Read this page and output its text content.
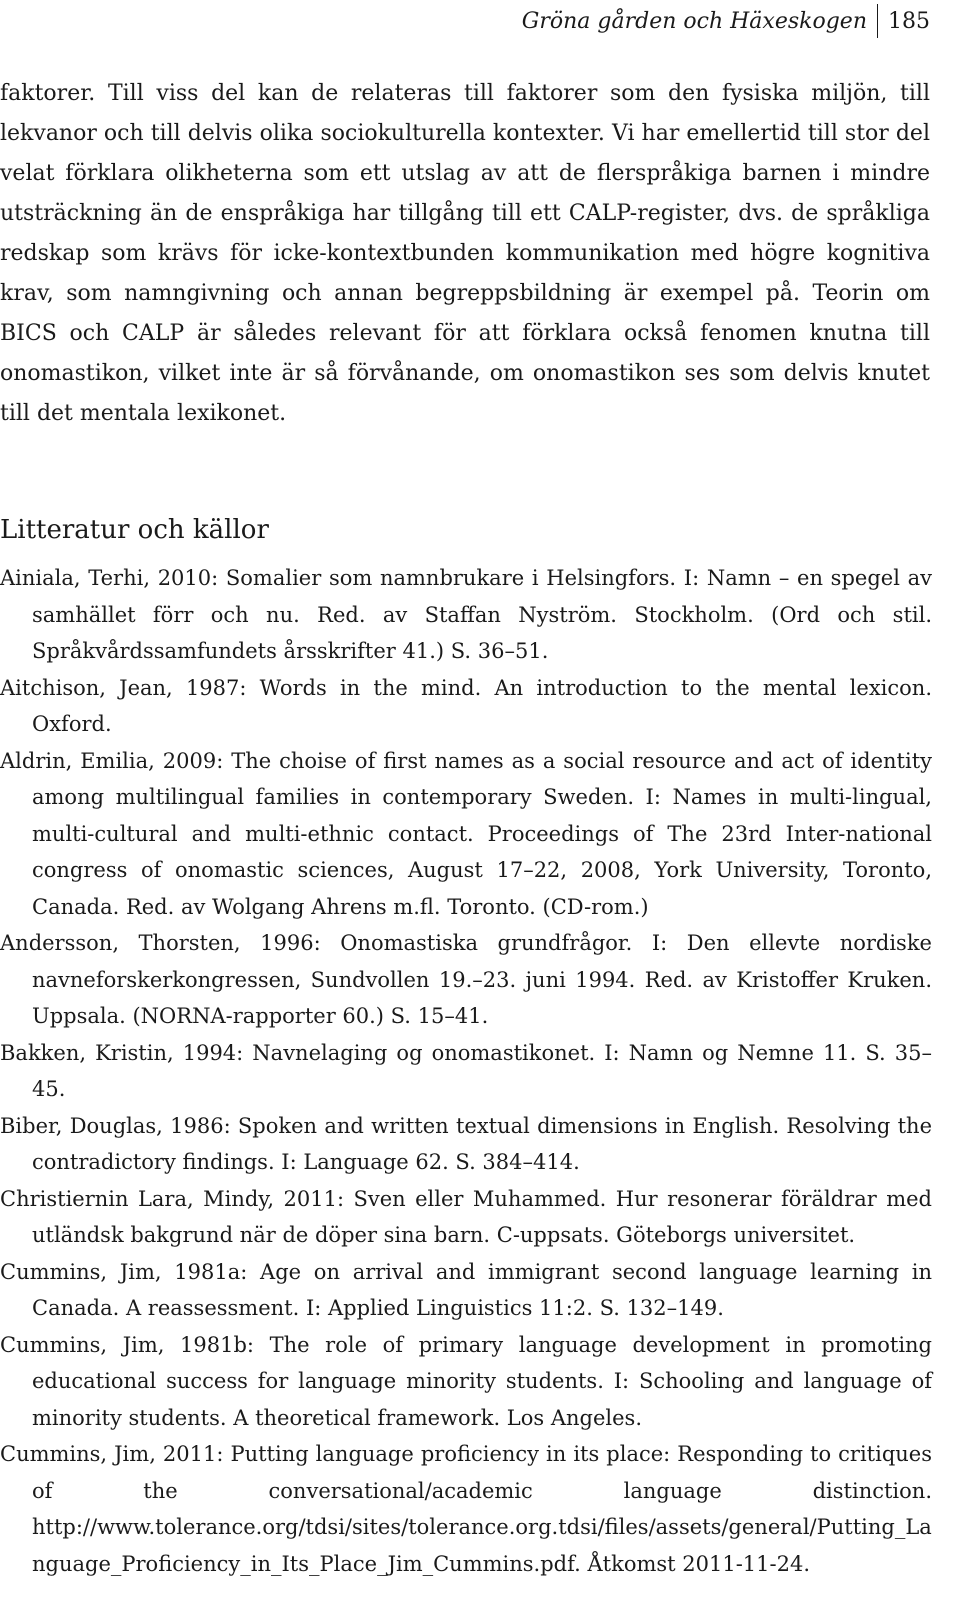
Gröna gården och Häxeskogen 185

faktorer. Till viss del kan de relateras till faktorer som den fysiska miljön, till lekvanor och till delvis olika sociokulturella kontexter. Vi har emellertid till stor del velat förklara olikheterna som ett utslag av att de flerspråkiga barnen i mindre utsträckning än de enspråkiga har tillgång till ett CALP-register, dvs. de språkliga redskap som krävs för icke-kontextbunden kommunikation med högre kognitiva krav, som namngivning och annan begreppsbildning är exempel på. Teorin om BICS och CALP är således relevant för att förklara också fenomen knutna till onomastikon, vilket inte är så förvånande, om onomastikon ses som delvis knutet till det mentala lexikonet.

Litteratur och källor
Ainiala, Terhi, 2010: Somalier som namnbrukare i Helsingfors. I: Namn – en spegel av samhället förr och nu. Red. av Staffan Nyström. Stockholm. (Ord och stil. Språkvårdssamfundets årsskrifter 41.) S. 36–51.
Aitchison, Jean, 1987: Words in the mind. An introduction to the mental lexicon. Oxford.
Aldrin, Emilia, 2009: The choise of first names as a social resource and act of identity among multilingual families in contemporary Sweden. I: Names in multi-lingual, multi-cultural and multi-ethnic contact. Proceedings of The 23rd Inter-national congress of onomastic sciences, August 17–22, 2008, York University, Toronto, Canada. Red. av Wolgang Ahrens m.fl. Toronto. (CD-rom.)
Andersson, Thorsten, 1996: Onomastiska grundfrågor. I: Den ellevte nordiske navneforskerkongressen, Sundvollen 19.–23. juni 1994. Red. av Kristoffer Kruken. Uppsala. (NORNA-rapporter 60.) S. 15–41.
Bakken, Kristin, 1994: Navnelaging og onomastikonet. I: Namn og Nemne 11. S. 35–45.
Biber, Douglas, 1986: Spoken and written textual dimensions in English. Resolving the contradictory findings. I: Language 62. S. 384–414.
Christiernin Lara, Mindy, 2011: Sven eller Muhammed. Hur resonerar föräldrar med utländsk bakgrund när de döper sina barn. C-uppsats. Göteborgs universitet.
Cummins, Jim, 1981a: Age on arrival and immigrant second language learning in Canada. A reassessment. I: Applied Linguistics 11:2. S. 132–149.
Cummins, Jim, 1981b: The role of primary language development in promoting educational success for language minority students. I: Schooling and language of minority students. A theoretical framework. Los Angeles.
Cummins, Jim, 2011: Putting language proficiency in its place: Responding to critiques of the conversational/academic language distinction. http://www.tolerance.org/tdsi/sites/tolerance.org.tdsi/files/assets/general/Putting_Language_Proficiency_in_Its_Place_Jim_Cummins.pdf. Åtkomst 2011-11-24.
